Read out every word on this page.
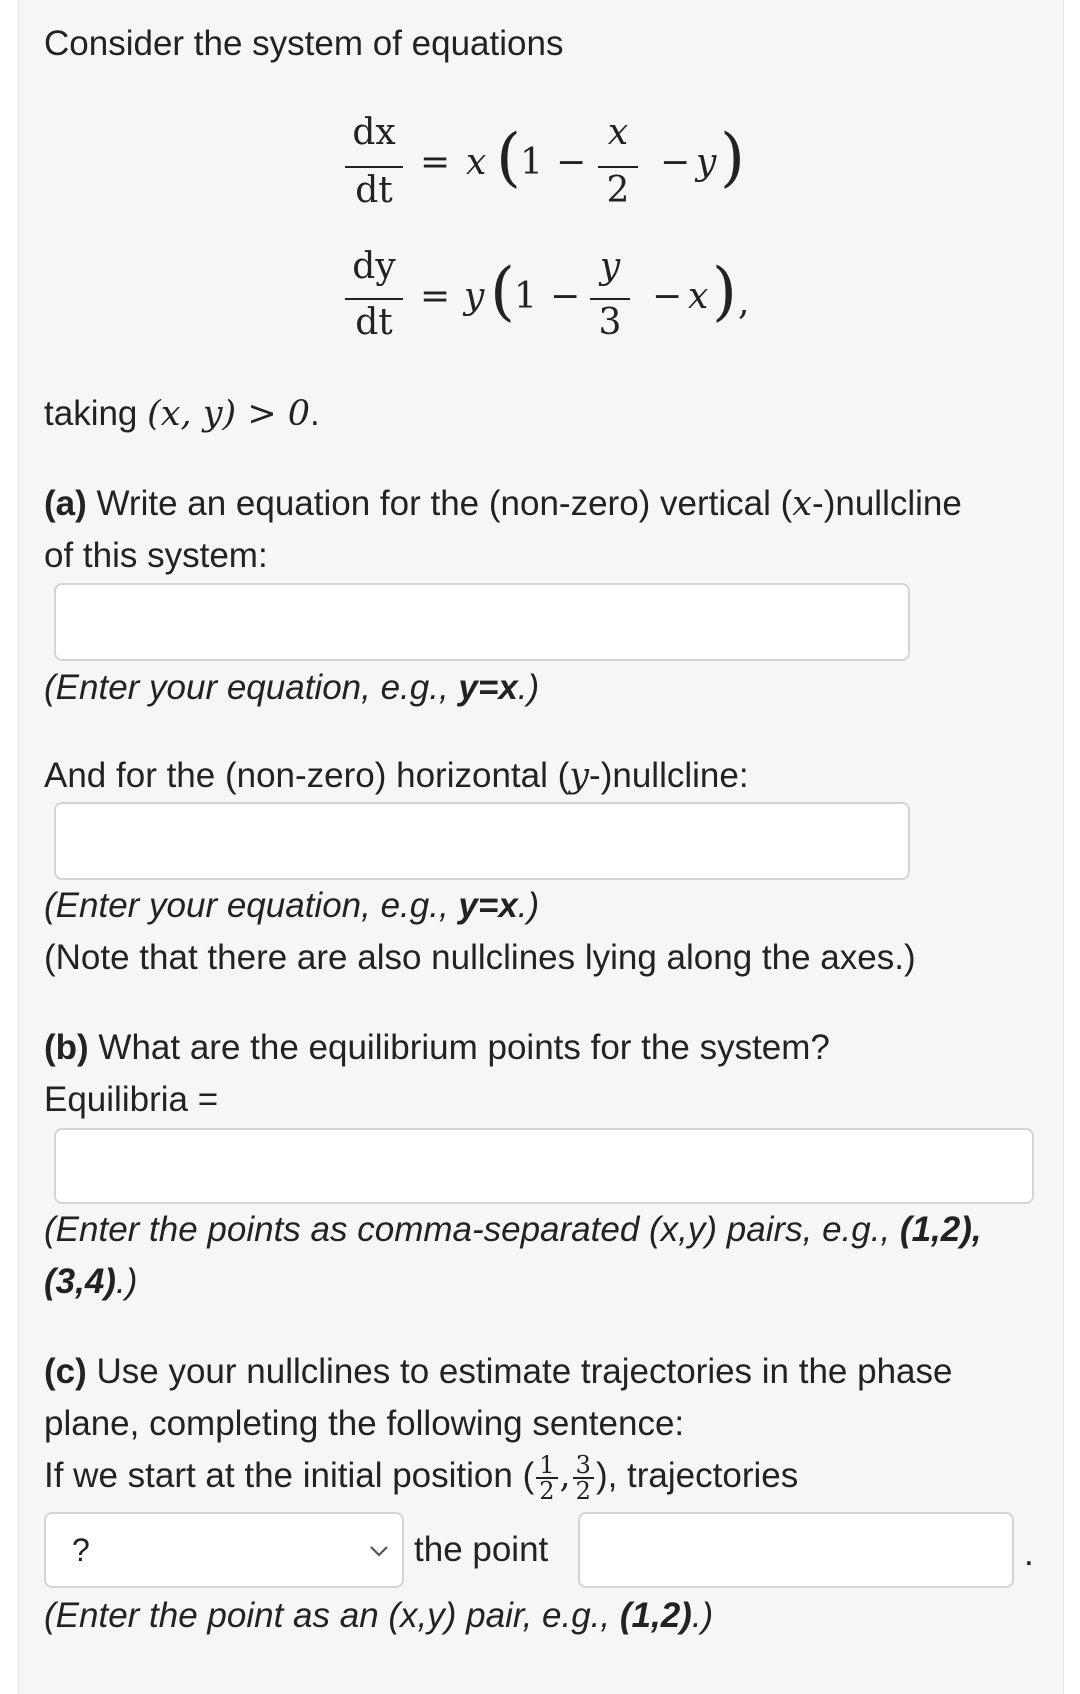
Consider the system of equations
dx
dt
= x ( 1 −
x
2
− y )
dy
dt
= y ( 1 −
y
3
− x ) ,
taking (x, y) > 0.
(a) Write an equation for the (non-zero) vertical (x-)nullcline
of this system:
(Enter your equation, e.g., y=x.)
And for the (non-zero) horizontal (y-)nullcline:
(Enter your equation, e.g., y=x.)
(Note that there are also nullclines lying along the axes.)
(b) What are the equilibrium points for the system?
Equilibria =
(Enter the points as comma-separated (x,y) pairs, e.g., (1,2),
(3,4).)
(c) Use your nullclines to estimate trajectories in the phase
plane, completing the following sentence:
If we start at the initial position ( $\frac{1}{2}$ , $\frac{3}{2}$ ), trajectories
?	the point	.
(Enter the point as an (x,y) pair, e.g., (1,2).)
